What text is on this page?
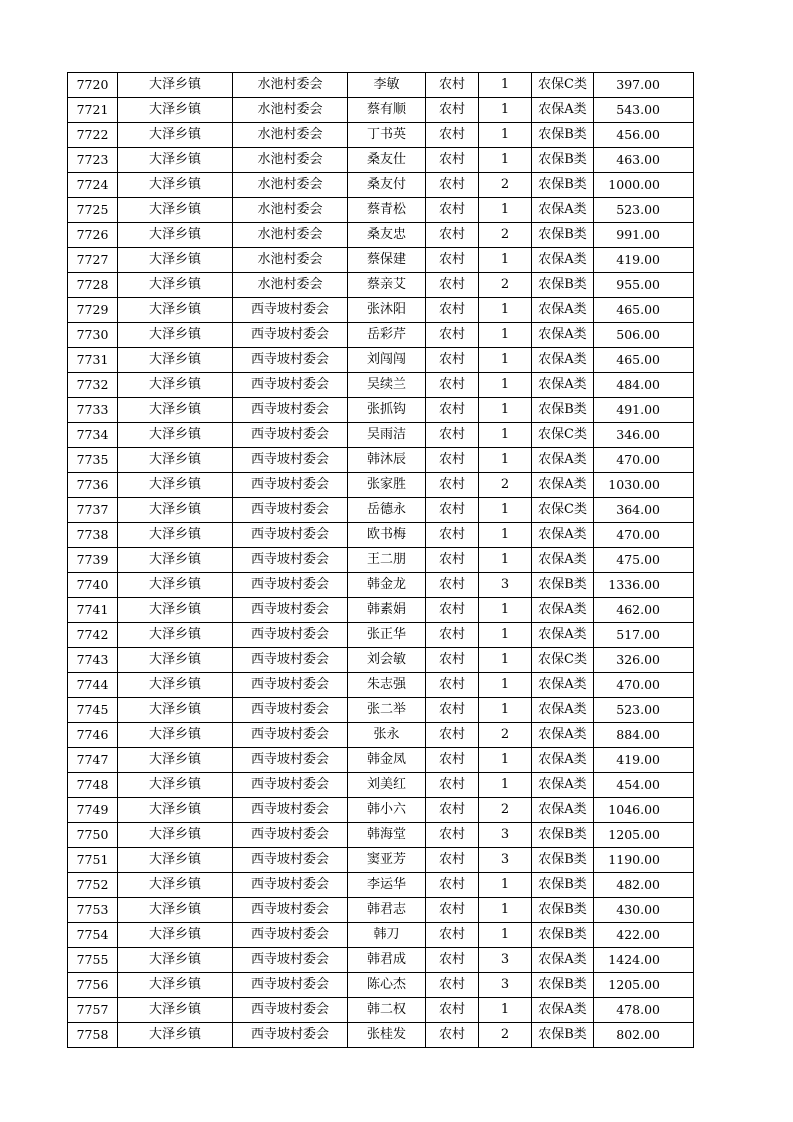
7720	大泽乡镇	水池村委会	李敏	农村	1	农保C类	397.00
7721	大泽乡镇	水池村委会	蔡有顺	农村	1	农保A类	543.00
7722	大泽乡镇	水池村委会	丁书英	农村	1	农保B类	456.00
7723	大泽乡镇	水池村委会	桑友仕	农村	1	农保B类	463.00
7724	大泽乡镇	水池村委会	桑友付	农村	2	农保B类	1000.00
7725	大泽乡镇	水池村委会	蔡青松	农村	1	农保A类	523.00
7726	大泽乡镇	水池村委会	桑友忠	农村	2	农保B类	991.00
7727	大泽乡镇	水池村委会	蔡保建	农村	1	农保A类	419.00
7728	大泽乡镇	水池村委会	蔡亲艾	农村	2	农保B类	955.00
7729	大泽乡镇	西寺坡村委会	张沐阳	农村	1	农保A类	465.00
7730	大泽乡镇	西寺坡村委会	岳彩芹	农村	1	农保A类	506.00
7731	大泽乡镇	西寺坡村委会	刘闯闯	农村	1	农保A类	465.00
7732	大泽乡镇	西寺坡村委会	吴续兰	农村	1	农保A类	484.00
7733	大泽乡镇	西寺坡村委会	张抓钩	农村	1	农保B类	491.00
7734	大泽乡镇	西寺坡村委会	吴雨洁	农村	1	农保C类	346.00
7735	大泽乡镇	西寺坡村委会	韩沐辰	农村	1	农保A类	470.00
7736	大泽乡镇	西寺坡村委会	张家胜	农村	2	农保A类	1030.00
7737	大泽乡镇	西寺坡村委会	岳德永	农村	1	农保C类	364.00
7738	大泽乡镇	西寺坡村委会	欧书梅	农村	1	农保A类	470.00
7739	大泽乡镇	西寺坡村委会	王二朋	农村	1	农保A类	475.00
7740	大泽乡镇	西寺坡村委会	韩金龙	农村	3	农保B类	1336.00
7741	大泽乡镇	西寺坡村委会	韩素娟	农村	1	农保A类	462.00
7742	大泽乡镇	西寺坡村委会	张正华	农村	1	农保A类	517.00
7743	大泽乡镇	西寺坡村委会	刘会敏	农村	1	农保C类	326.00
7744	大泽乡镇	西寺坡村委会	朱志强	农村	1	农保A类	470.00
7745	大泽乡镇	西寺坡村委会	张二举	农村	1	农保A类	523.00
7746	大泽乡镇	西寺坡村委会	张永	农村	2	农保A类	884.00
7747	大泽乡镇	西寺坡村委会	韩金凤	农村	1	农保A类	419.00
7748	大泽乡镇	西寺坡村委会	刘美红	农村	1	农保A类	454.00
7749	大泽乡镇	西寺坡村委会	韩小六	农村	2	农保A类	1046.00
7750	大泽乡镇	西寺坡村委会	韩海堂	农村	3	农保B类	1205.00
7751	大泽乡镇	西寺坡村委会	窦亚芳	农村	3	农保B类	1190.00
7752	大泽乡镇	西寺坡村委会	李运华	农村	1	农保B类	482.00
7753	大泽乡镇	西寺坡村委会	韩君志	农村	1	农保B类	430.00
7754	大泽乡镇	西寺坡村委会	韩刀	农村	1	农保B类	422.00
7755	大泽乡镇	西寺坡村委会	韩君成	农村	3	农保A类	1424.00
7756	大泽乡镇	西寺坡村委会	陈心杰	农村	3	农保B类	1205.00
7757	大泽乡镇	西寺坡村委会	韩二权	农村	1	农保A类	478.00
7758	大泽乡镇	西寺坡村委会	张桂发	农村	2	农保B类	802.00
